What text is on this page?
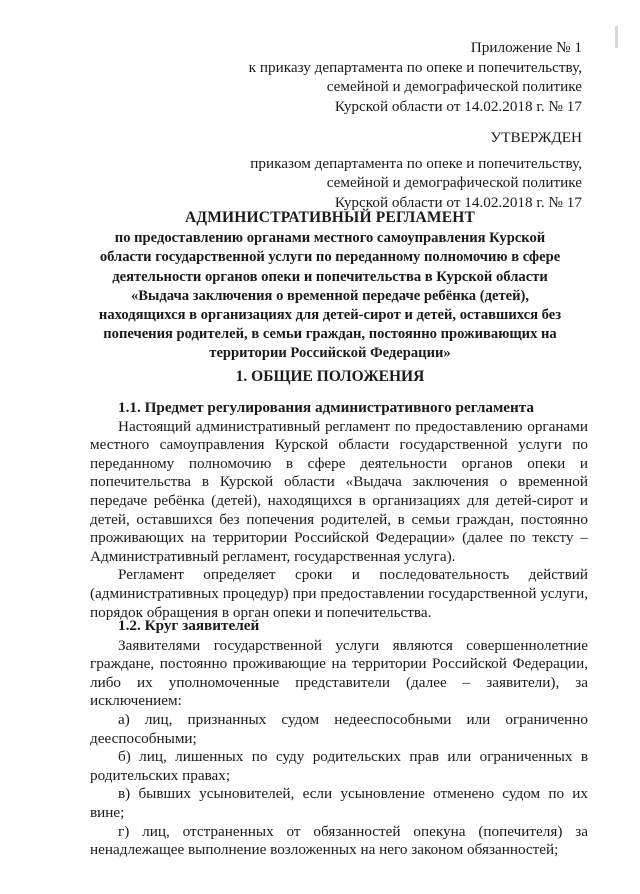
Приложение № 1
к приказу департамента по опеке и попечительству,
семейной и демографической политике
Курской области от 14.02.2018 г. № 17
УТВЕРЖДЕН
приказом департамента по опеке и попечительству,
семейной и демографической политике
Курской области от 14.02.2018 г. № 17
АДМИНИСТРАТИВНЫЙ РЕГЛАМЕНТ
по предоставлению органами местного самоуправления Курской
области государственной услуги по переданному полномочию в сфере
деятельности органов опеки и попечительства в Курской области
«Выдача заключения о временной передаче ребёнка (детей),
находящихся в организациях для детей-сирот и детей, оставшихся без
попечения родителей, в семьи граждан, постоянно проживающих на
территории Российской Федерации»
1. ОБЩИЕ ПОЛОЖЕНИЯ

1.1. Предмет регулирования административного регламента

Настоящий административный регламент по предоставлению органами местного самоуправления Курской области государственной услуги по переданному полномочию в сфере деятельности органов опеки и попечительства в Курской области «Выдача заключения о временной передаче ребёнка (детей), находящихся в организациях для детей-сирот и детей, оставшихся без попечения родителей, в семьи граждан, постоянно проживающих на территории Российской Федерации» (далее по тексту – Административный регламент, государственная услуга).

Регламент определяет сроки и последовательность действий (административных процедур) при предоставлении государственной услуги, порядок обращения в орган опеки и попечительства.

1.2. Круг заявителей

Заявителями государственной услуги являются совершеннолетние граждане, постоянно проживающие на территории Российской Федерации, либо их уполномоченные представители (далее – заявители), за исключением:

а) лиц, признанных судом недееспособными или ограниченно дееспособными;

б) лиц, лишенных по суду родительских прав или ограниченных в родительских правах;

в) бывших усыновителей, если усыновление отменено судом по их вине;

г) лиц, отстраненных от обязанностей опекуна (попечителя) за ненадлежащее выполнение возложенных на него законом обязанностей;
